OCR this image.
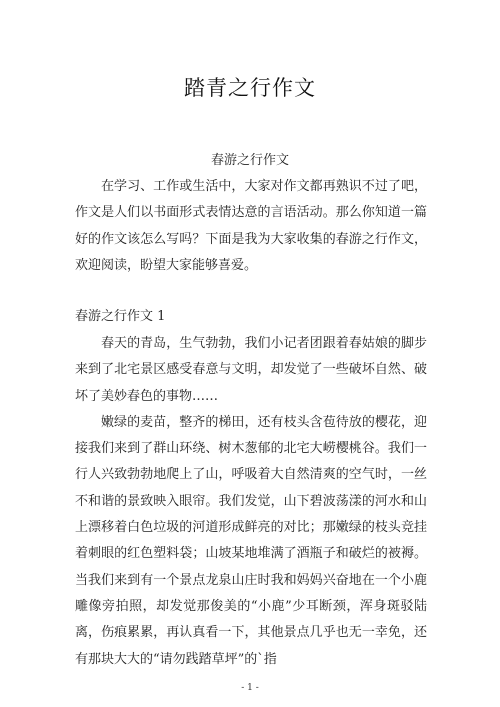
踏青之行作文
春游之行作文

在学习、工作或生活中，大家对作文都再熟识不过了吧，作文是人们以书面形式表情达意的言语活动。那么你知道一篇好的作文该怎么写吗？下面是我为大家收集的春游之行作文，欢迎阅读，盼望大家能够喜爱。

春游之行作文 1

春天的青岛，生气勃勃，我们小记者团跟着春姑娘的脚步来到了北宅景区感受春意与文明，却发觉了一些破坏自然、破坏了美妙春色的事物……

嫩绿的麦苗，整齐的梯田，还有枝头含苞待放的樱花，迎接我们来到了群山环绕、树木葱郁的北宅大崂樱桃谷。我们一行人兴致勃勃地爬上了山，呼吸着大自然清爽的空气时，一丝不和谐的景致映入眼帘。我们发觉，山下碧波荡漾的河水和山上漂移着白色垃圾的河道形成鲜亮的对比；那嫩绿的枝头竞挂着刺眼的红色塑料袋；山坡某地堆满了酒瓶子和破烂的被褥。当我们来到有一个景点龙泉山庄时我和妈妈兴奋地在一个小鹿雕像旁拍照，却发觉那俊美的“小鹿”少耳断颈，浑身斑驳陆离，伤痕累累，再认真看一下，其他景点几乎也无一幸免，还有那块大大的“请勿践踏草坪”的`指

- 1 -
